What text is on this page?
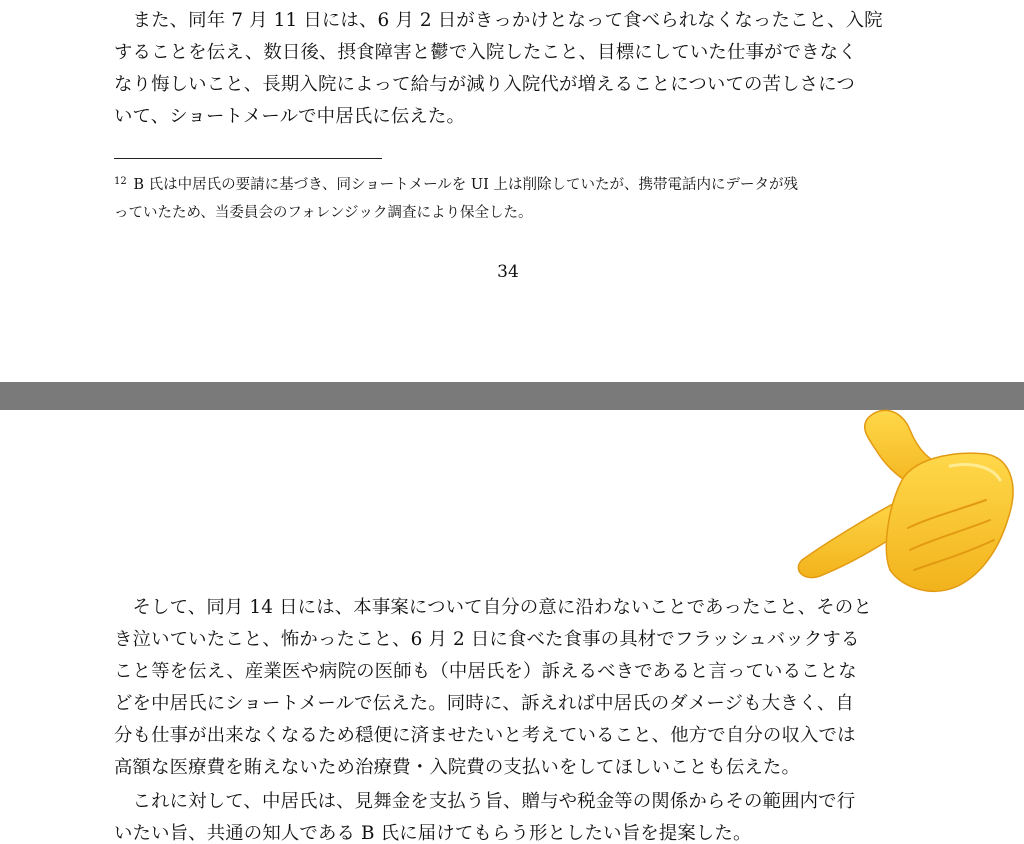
　また、同年 7 月 11 日には、6 月 2 日がきっかけとなって食べられなくなったこと、入院
することを伝え、数日後、摂食障害と鬱で入院したこと、目標にしていた仕事ができなく
なり悔しいこと、長期入院によって給与が減り入院代が増えることについての苦しさにつ
いて、ショートメールで中居氏に伝えた。

$^{12}$ B 氏は中居氏の要請に基づき、同ショートメールを UI 上は削除していたが、携帯電話内にデータが残
っていたため、当委員会のフォレンジック調査により保全した。
34

　そして、同月 14 日には、本事案について自分の意に沿わないことであったこと、そのと
き泣いていたこと、怖かったこと、6 月 2 日に食べた食事の具材でフラッシュバックする
こと等を伝え、産業医や病院の医師も（中居氏を）訴えるべきであると言っていることな
どを中居氏にショートメールで伝えた。同時に、訴えれば中居氏のダメージも大きく、自
分も仕事が出来なくなるため穏便に済ませたいと考えていること、他方で自分の収入では
高額な医療費を賄えないため治療費・入院費の支払いをしてほしいことも伝えた。

　これに対して、中居氏は、見舞金を支払う旨、贈与や税金等の関係からその範囲内で行
いたい旨、共通の知人である B 氏に届けてもらう形としたい旨を提案した。
